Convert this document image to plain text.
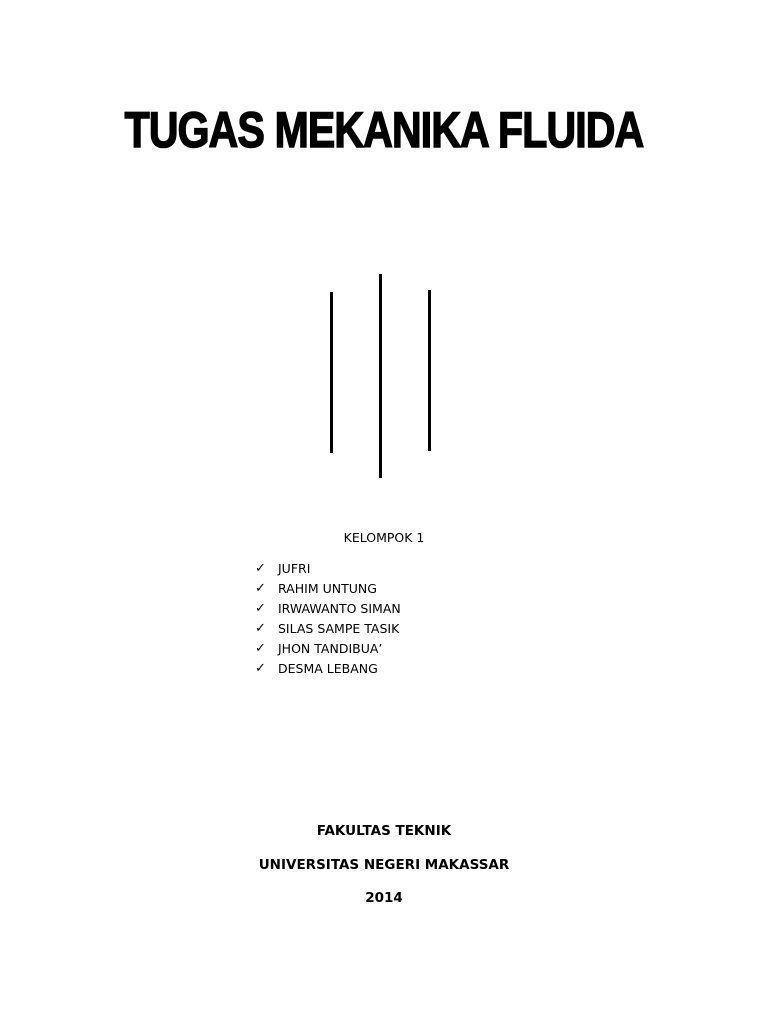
TUGAS MEKANIKA FLUIDA
KELOMPOK 1
✓ JUFRI
✓ RAHIM UNTUNG
✓ IRWAWANTO SIMAN
✓ SILAS SAMPE TASIK
✓ JHON TANDIBUA’
✓ DESMA LEBANG
FAKULTAS TEKNIK
UNIVERSITAS NEGERI MAKASSAR
2014
